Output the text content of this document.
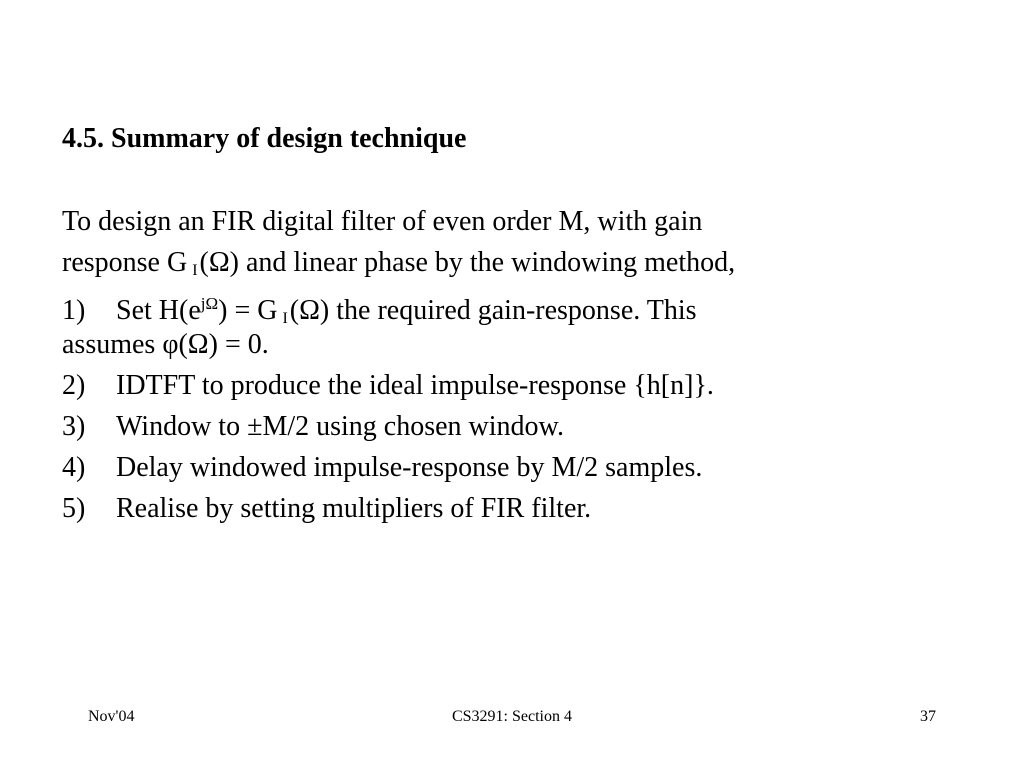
4.5. Summary of design technique
To design an FIR digital filter of even order M, with gain
response G $_I$(Ω) and linear phase by the windowing method,
1) Set $H(e^{j\Omega}) = G$ $_I$(Ω) the required gain-response. This
assumes φ(Ω) = 0.
2) IDTFT to produce the ideal impulse-response {h[n]}.
3) Window to ±M/2 using chosen window.
4) Delay windowed impulse-response by M/2 samples.
5) Realise by setting multipliers of FIR filter.
Nov'04	CS3291: Section 4	37
